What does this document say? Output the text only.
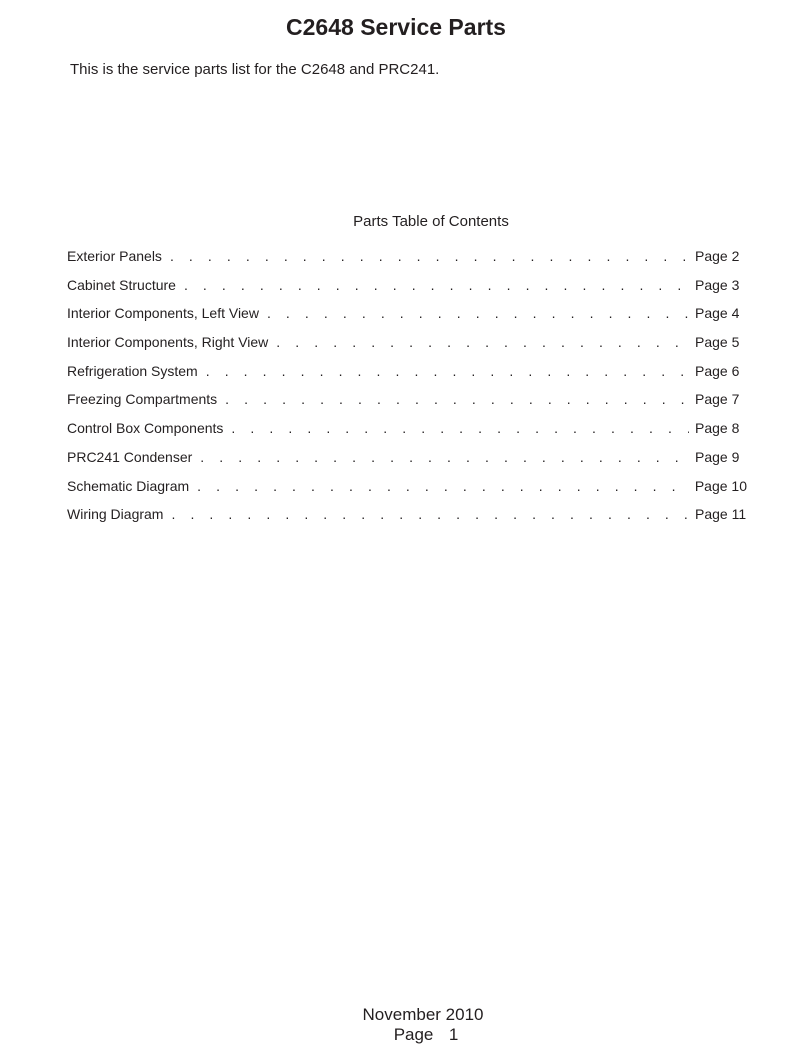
C2648 Service Parts

This is the service parts list for the C2648 and PRC241.

Parts Table of Contents
Exterior Panels . . .	Page 2
Cabinet Structure . . .	Page 3
Interior Components, Left View . . .	Page 4
Interior Components, Right View . . .	Page 5
Refrigeration System . . .	Page 6
Freezing Compartments . . .	Page 7
Control Box Components . . .	Page 8
PRC241 Condenser . . .	Page 9
Schematic Diagram . . .	Page 10
Wiring Diagram . . .	Page 11
November 2010
Page  1
